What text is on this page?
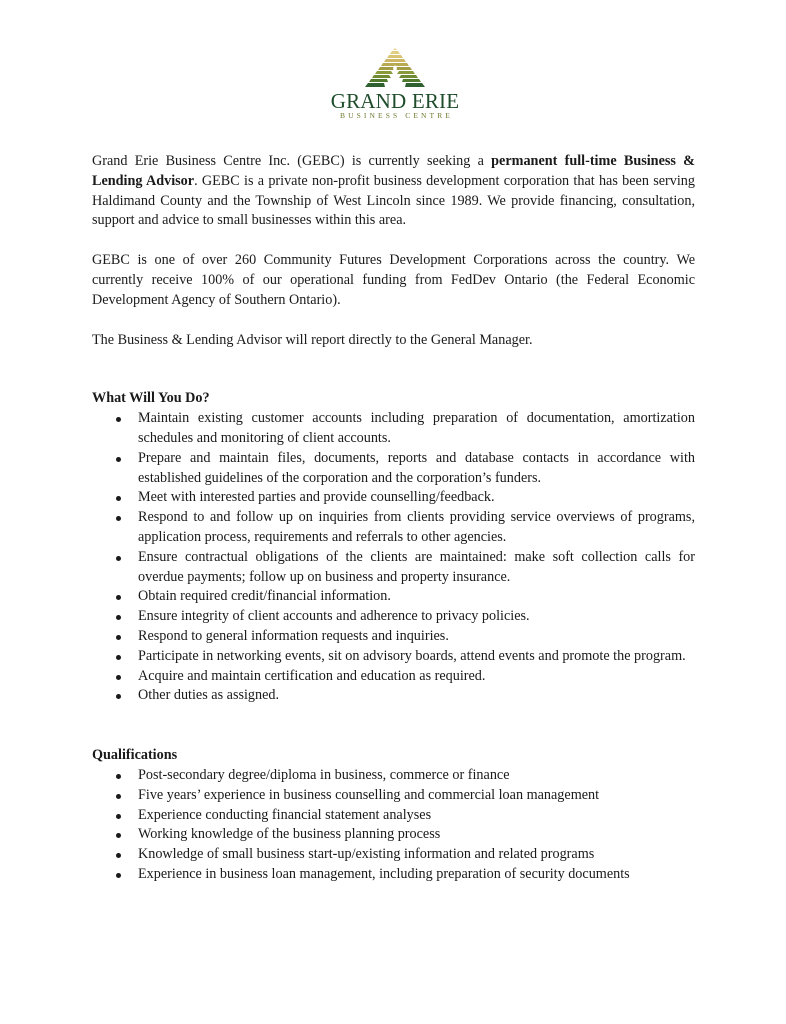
GRAND ERIE
BUSINESS CENTRE

Grand Erie Business Centre Inc. (GEBC) is currently seeking a permanent full-time Business & Lending Advisor. GEBC is a private non-profit business development corporation that has been serving Haldimand County and the Township of West Lincoln since 1989. We provide financing, consultation, support and advice to small businesses within this area.

GEBC is one of over 260 Community Futures Development Corporations across the country. We currently receive 100% of our operational funding from FedDev Ontario (the Federal Economic Development Agency of Southern Ontario).

The Business & Lending Advisor will report directly to the General Manager.

What Will You Do?
Maintain existing customer accounts including preparation of documentation, amortization schedules and monitoring of client accounts.
Prepare and maintain files, documents, reports and database contacts in accordance with established guidelines of the corporation and the corporation’s funders.
Meet with interested parties and provide counselling/feedback.
Respond to and follow up on inquiries from clients providing service overviews of programs, application process, requirements and referrals to other agencies.
Ensure contractual obligations of the clients are maintained: make soft collection calls for overdue payments; follow up on business and property insurance.
Obtain required credit/financial information.
Ensure integrity of client accounts and adherence to privacy policies.
Respond to general information requests and inquiries.
Participate in networking events, sit on advisory boards, attend events and promote the program.
Acquire and maintain certification and education as required.
Other duties as assigned.
Qualifications
Post-secondary degree/diploma in business, commerce or finance
Five years’ experience in business counselling and commercial loan management
Experience conducting financial statement analyses
Working knowledge of the business planning process
Knowledge of small business start-up/existing information and related programs
Experience in business loan management, including preparation of security documents
